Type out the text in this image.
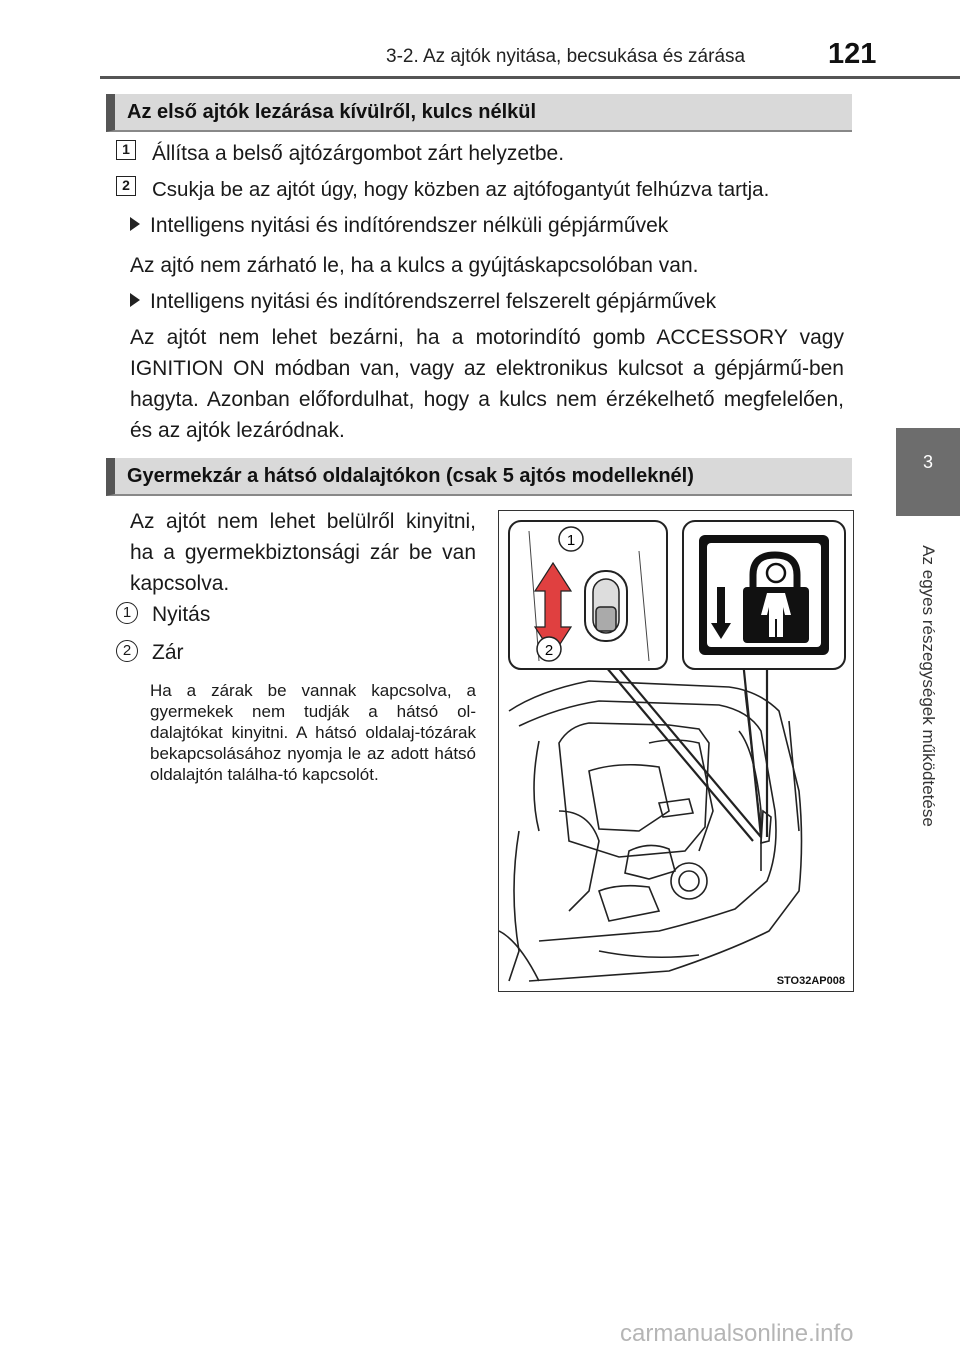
3-2. Az ajtók nyitása, becsukása és zárása	121
3
Az egyes részegységek működtetése
Az első ajtók lezárása kívülről, kulcs nélkül
1 Állítsa a belső ajtózárgombot zárt helyzetbe.
2 Csukja be az ajtót úgy, hogy közben az ajtófogantyút felhúzva tartja.
Intelligens nyitási és indítórendszer nélküli gépjárművek
Az ajtó nem zárható le, ha a kulcs a gyújtáskapcsolóban van.
Intelligens nyitási és indítórendszerrel felszerelt gépjárművek
Az ajtót nem lehet bezárni, ha a motorindító gomb ACCESSORY vagy IGNITION ON módban van, vagy az elektronikus kulcsot a gépjármű-ben hagyta. Azonban előfordulhat, hogy a kulcs nem érzékelhető megfelelően, és az ajtók lezáródnak.
Gyermekzár a hátsó oldalajtókon (csak 5 ajtós modelleknél)
Az ajtót nem lehet belülről kinyitni, ha a gyermekbiztonsági zár be van kapcsolva.
1 Nyitás
2 Zár
Ha a zárak be vannak kapcsolva, a gyermekek nem tudják a hátsó ol-dalajtókat kinyitni. A hátsó oldalaj-tózárak bekapcsolásához nyomja le az adott hátsó oldalajtón találha-tó kapcsolót.
1
2
STO32AP008
carmanualsonline.info
